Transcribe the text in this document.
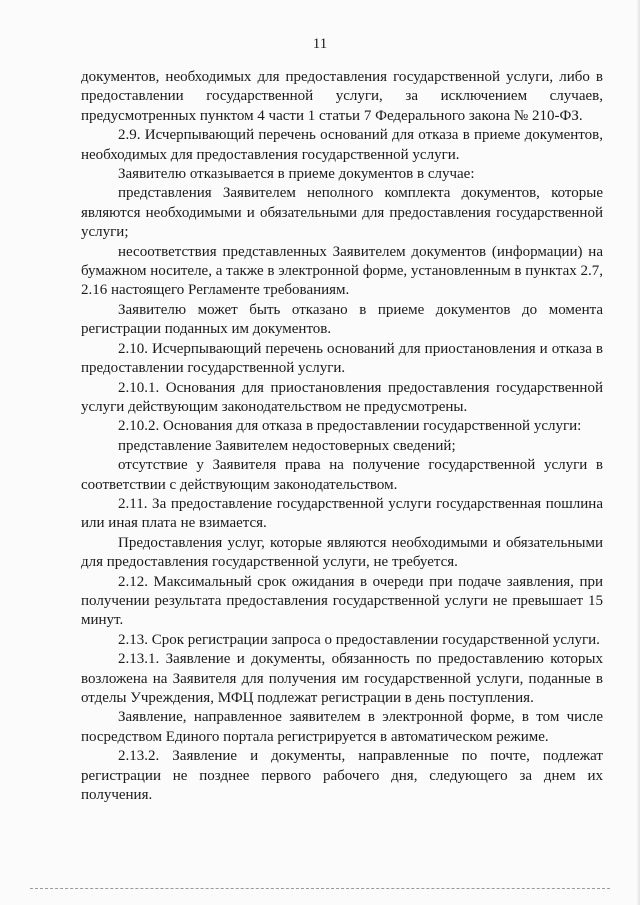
11

документов, необходимых для предоставления государственной услуги, либо в предоставлении государственной услуги, за исключением случаев, предусмотренных пунктом 4 части 1 статьи 7 Федерального закона № 210-ФЗ.

2.9. Исчерпывающий перечень оснований для отказа в приеме документов, необходимых для предоставления государственной услуги.

Заявителю отказывается в приеме документов в случае:

представления Заявителем неполного комплекта документов, которые являются необходимыми и обязательными для предоставления государственной услуги;

несоответствия представленных Заявителем документов (информации) на бумажном носителе, а также в электронной форме, установленным в пунктах 2.7, 2.16 настоящего Регламенте требованиям.

Заявителю может быть отказано в приеме документов до момента регистрации поданных им документов.

2.10. Исчерпывающий перечень оснований для приостановления и отказа в предоставлении государственной услуги.

2.10.1. Основания для приостановления предоставления государственной услуги действующим законодательством не предусмотрены.

2.10.2. Основания для отказа в предоставлении государственной услуги:

представление Заявителем недостоверных сведений;

отсутствие у Заявителя права на получение государственной услуги в соответствии с действующим законодательством.

2.11. За предоставление государственной услуги государственная пошлина или иная плата не взимается.

Предоставления услуг, которые являются необходимыми и обязательными для предоставления государственной услуги, не требуется.

2.12. Максимальный срок ожидания в очереди при подаче заявления, при получении результата предоставления государственной услуги не превышает 15 минут.

2.13. Срок регистрации запроса о предоставлении государственной услуги.

2.13.1. Заявление и документы, обязанность по предоставлению которых возложена на Заявителя для получения им государственной услуги, поданные в отделы Учреждения, МФЦ подлежат регистрации в день поступления.

Заявление, направленное заявителем в электронной форме, в том числе посредством Единого портала регистрируется в автоматическом режиме.

2.13.2. Заявление и документы, направленные по почте, подлежат регистрации не позднее первого рабочего дня, следующего за днем их получения.
